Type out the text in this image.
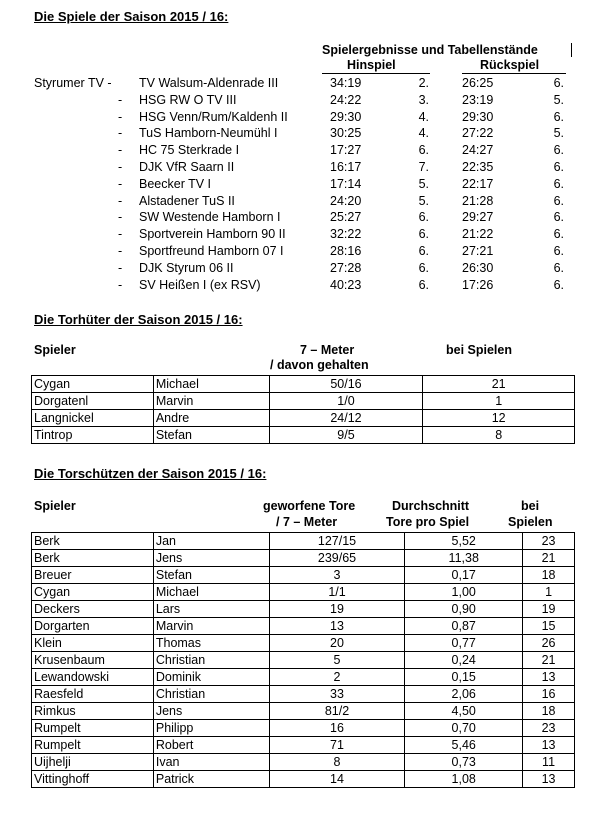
Die Spiele der Saison 2015 / 16:
Spielergebnisse und Tabellenstände
Hinspiel	Rückspiel
Styrumer TV - TV Walsum-Aldenrade III	34:19	2.	26:25	6.
- HSG RW O TV III	24:22	3.	23:19	5.
- HSG Venn/Rum/Kaldenh II	29:30	4.	29:30	6.
- TuS Hamborn-Neumühl I	30:25	4.	27:22	5.
- HC 75 Sterkrade I	17:27	6.	24:27	6.
- DJK VfR Saarn II	16:17	7.	22:35	6.
- Beecker TV I	17:14	5.	22:17	6.
- Alstadener TuS II	24:20	5.	21:28	6.
- SW Westende Hamborn I	25:27	6.	29:27	6.
- Sportverein Hamborn 90 II	32:22	6.	21:22	6.
- Sportfreund Hamborn 07 I	28:16	6.	27:21	6.
- DJK Styrum 06 II	27:28	6.	26:30	6.
- SV Heißen I (ex RSV)	40:23	6.	17:26	6.
Die Torhüter der Saison 2015 / 16:
Spieler	7 – Meter
/ davon gehalten
bei Spielen
Cygan	Michael	50/16	21
Dorgatenl	Marvin	1/0	1
Langnickel	Andre	24/12	12
Tintrop	Stefan	9/5	8
Die Torschützen der Saison 2015 / 16:
Spieler	geworfene Tore
/ 7 – Meter
Durchschnitt
Tore pro Spiel
bei
Spielen
Berk	Jan	127/15	5,52	23
Berk	Jens	239/65	11,38	21
Breuer	Stefan	3	0,17	18
Cygan	Michael	1/1	1,00	1
Deckers	Lars	19	0,90	19
Dorgarten	Marvin	13	0,87	15
Klein	Thomas	20	0,77	26
Krusenbaum	Christian	5	0,24	21
Lewandowski	Dominik	2	0,15	13
Raesfeld	Christian	33	2,06	16
Rimkus	Jens	81/2	4,50	18
Rumpelt	Philipp	16	0,70	23
Rumpelt	Robert	71	5,46	13
Uijhelji	Ivan	8	0,73	11
Vittinghoff	Patrick	14	1,08	13
